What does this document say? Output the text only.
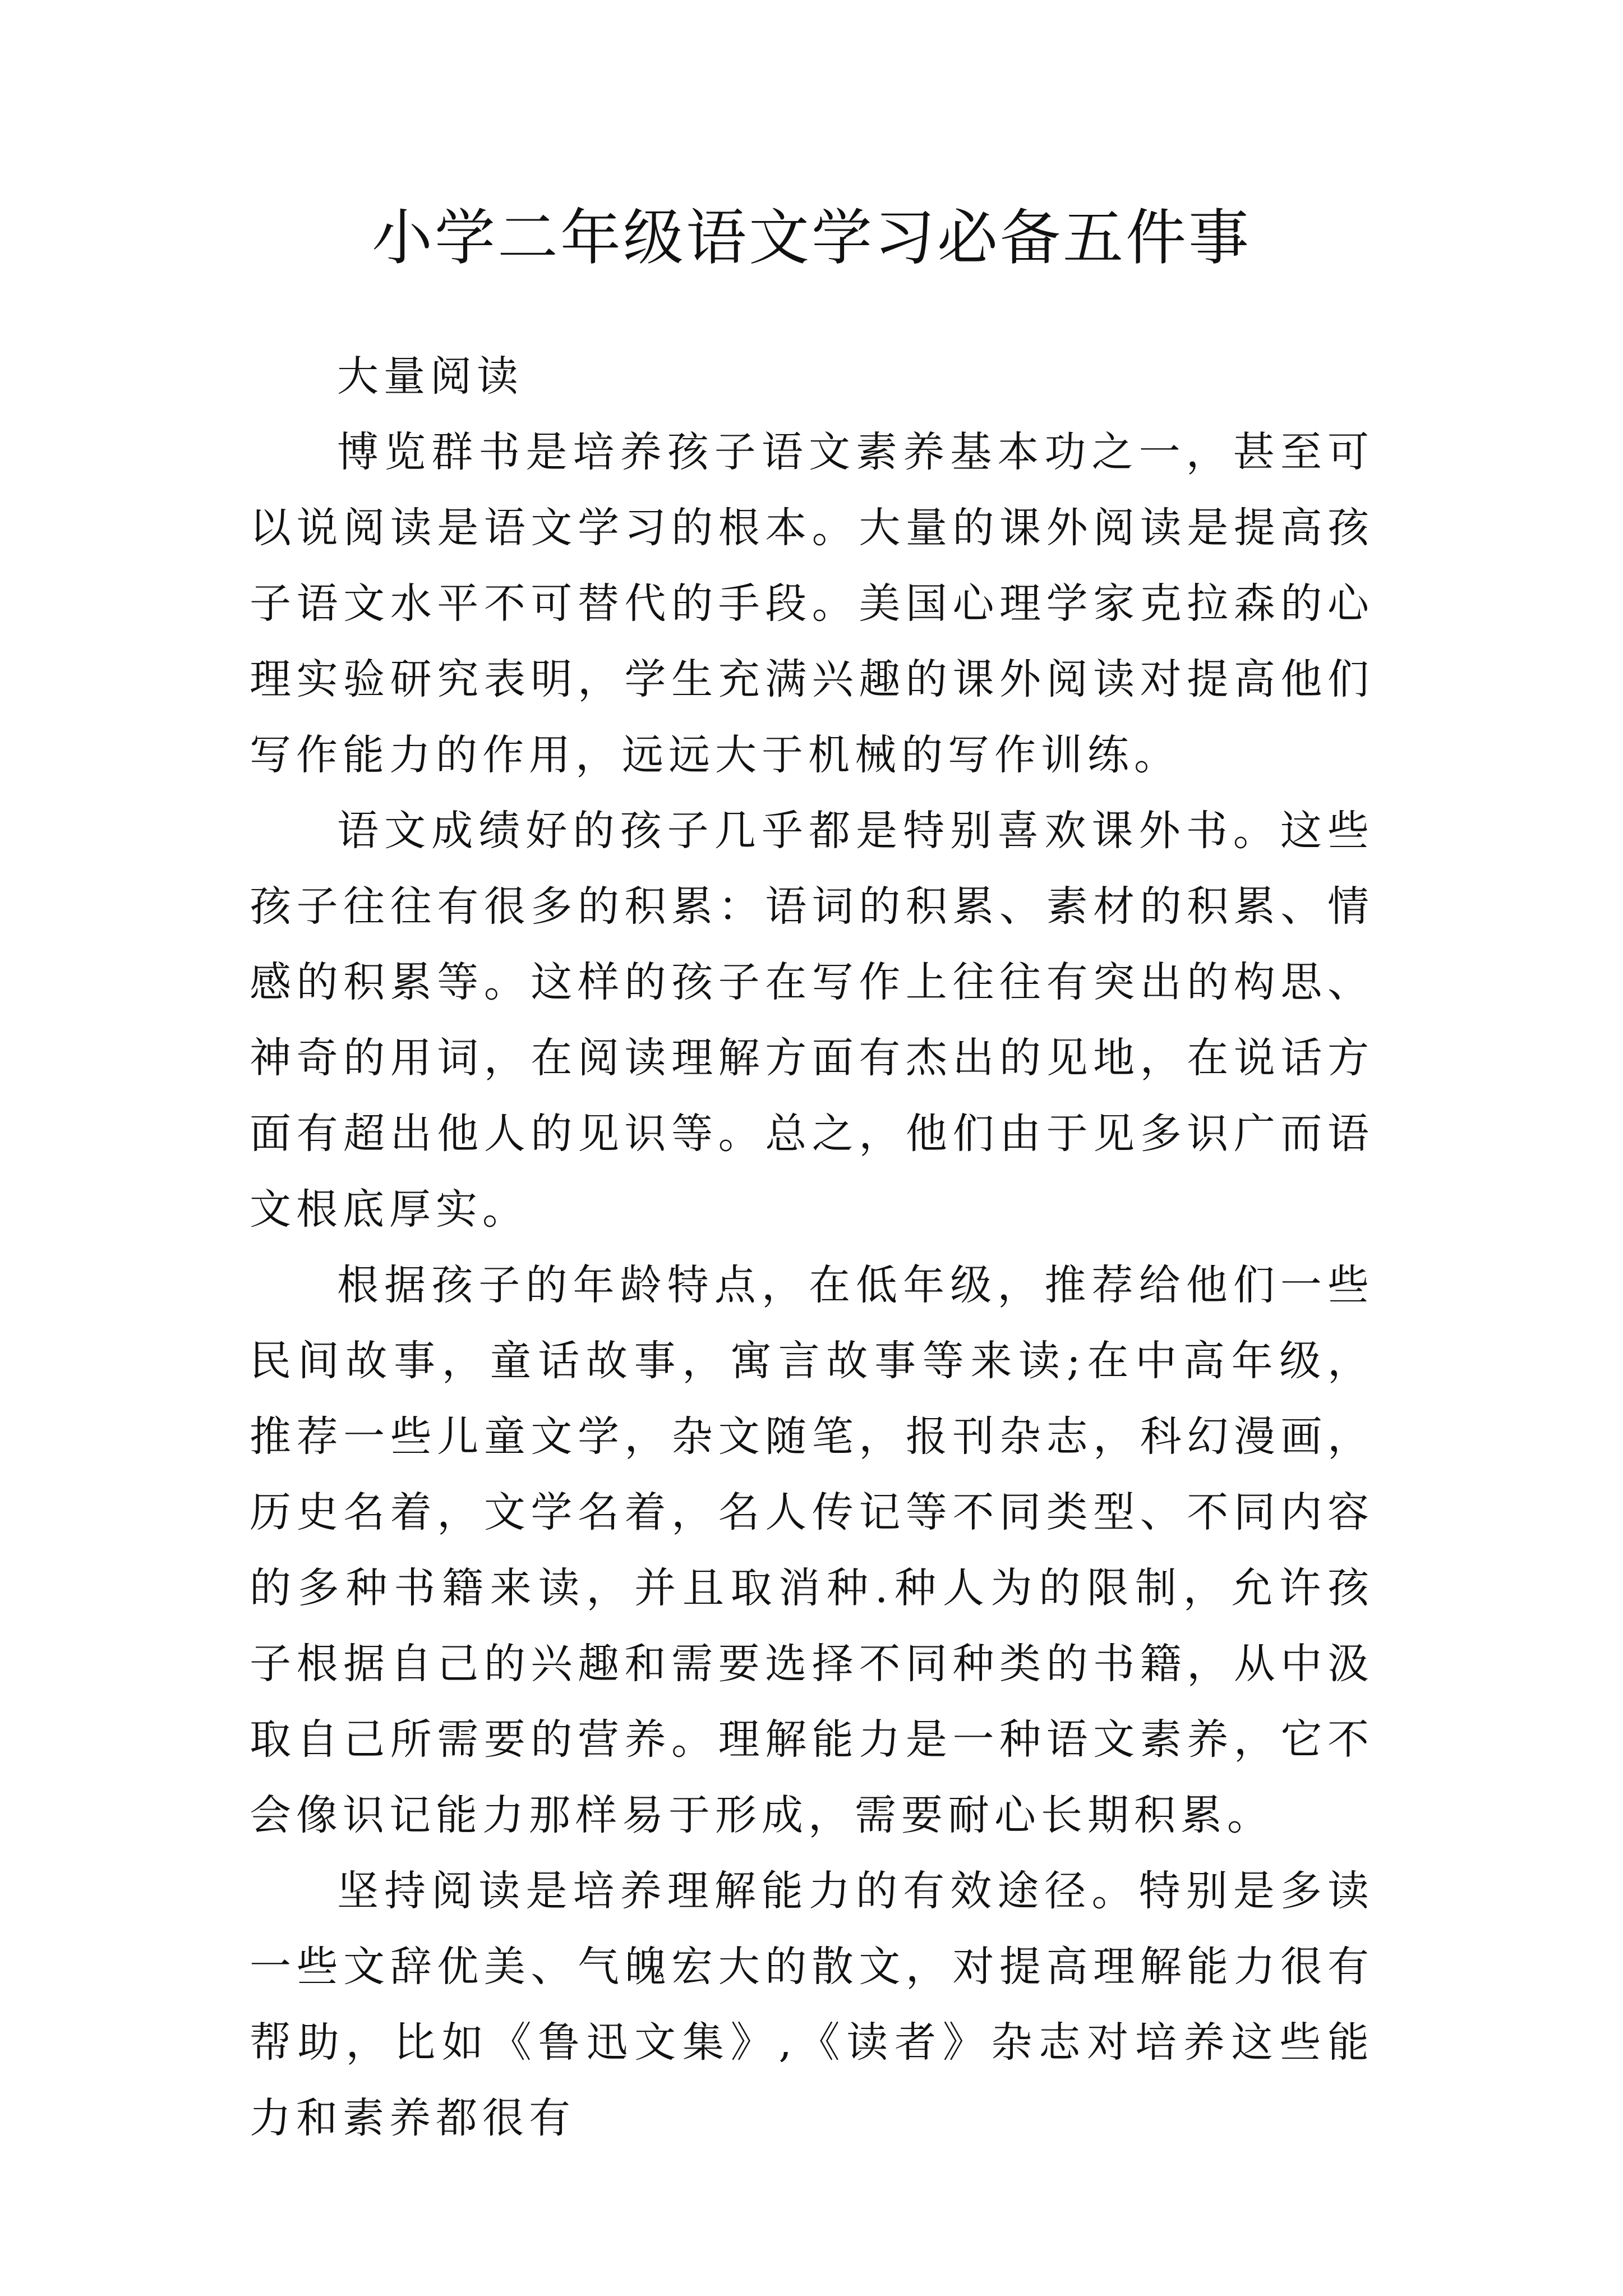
小学二年级语文学习必备五件事

大量阅读

博览群书是培养孩子语文素养基本功之一，甚至可以说阅读是语文学习的根本。大量的课外阅读是提高孩子语文水平不可替代的手段。美国心理学家克拉森的心理实验研究表明，学生充满兴趣的课外阅读对提高他们写作能力的作用，远远大于机械的写作训练。

语文成绩好的孩子几乎都是特别喜欢课外书。这些孩子往往有很多的积累：语词的积累、素材的积累、情感的积累等。这样的孩子在写作上往往有突出的构思、神奇的用词，在阅读理解方面有杰出的见地，在说话方面有超出他人的见识等。总之，他们由于见多识广而语文根底厚实。

根据孩子的年龄特点，在低年级，推荐给他们一些民间故事，童话故事，寓言故事等来读;在中高年级，推荐一些儿童文学，杂文随笔，报刊杂志，科幻漫画，历史名着，文学名着，名人传记等不同类型、不同内容的多种书籍来读，并且取消种.种人为的限制，允许孩子根据自己的兴趣和需要选择不同种类的书籍，从中汲取自己所需要的营养。理解能力是一种语文素养，它不会像识记能力那样易于形成，需要耐心长期积累。

坚持阅读是培养理解能力的有效途径。特别是多读一些文辞优美、气魄宏大的散文，对提高理解能力很有帮助，比如《鲁迅文集》,《读者》杂志对培养这些能力和素养都很有
